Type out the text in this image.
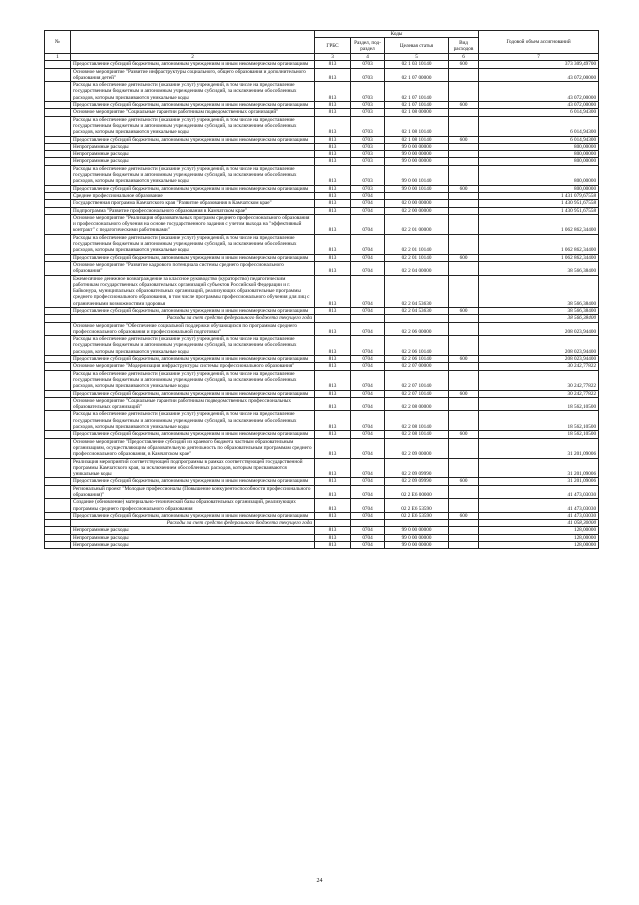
№		Коды				Годовой объем ассигнований
		ГРБС	Раздел, под-раздел	Целевая статья	Вид расходов	
1	2	3	4	5	6	7
	Предоставление субсидий бюджетным, автономным учреждениям и иным некоммерческим организациям	813	0703	02 1 03 10140	600	373 309,49700
	Основное мероприятие "Развитие инфраструктуры социального, общего образования и дополнительного образования детей"	813	0703	02 1 07 00000		43 072,00000
	Расходы на обеспечение деятельности (оказание услуг) учреждений, в том числе на предоставление государственным бюджетным и автономным учреждениям субсидий, за исключением обособленных расходов, которым присваиваются уникальные коды	813	0703	02 1 07 10140		43 072,00000
	Предоставление субсидий бюджетным, автономным учреждениям и иным некоммерческим организациям	813	0703	02 1 07 10140	600	43 072,00000
	Основное мероприятие "Социальные гарантии работникам подведомственных организаций"	813	0703	02 1 08 00000		6 014,94300
	Расходы на обеспечение деятельности (оказание услуг) учреждений, в том числе на предоставление государственным бюджетным и автономным учреждениям субсидий, за исключением обособленных расходов, которым присваиваются уникальные коды	813	0703	02 1 08 10140		6 014,94300
	Предоставление субсидий бюджетным, автономным учреждениям и иным некоммерческим организациям	813	0703	02 1 08 10140	600	6 014,94300
	Непрограммные расходы	813	0703	99 0 00 00000		800,00000
	Непрограммные расходы	813	0703	99 0 00 00000		800,00000
	Непрограммные расходы	813	0703	99 0 00 00000		800,00000
	Расходы на обеспечение деятельности (оказание услуг) учреждений, в том числе на предоставление государственным бюджетным и автономным учреждениям субсидий, за исключением обособленных расходов, которым присваиваются уникальные коды	813	0703	99 0 00 10140		800,00000
	Предоставление субсидий бюджетным, автономным учреждениям и иным некоммерческим организациям	813	0703	99 0 00 10140	600	800,00000
	Среднее профессиональное образование	813	0704			1 431 079,67558
	Государственная программа Камчатского края "Развитие образования в Камчатском крае"	813	0704	02 0 00 00000		1 430 951,67558
	Подпрограмма "Развитие профессионального образования в Камчатском крае"	813	0704	02 2 00 00000		1 430 951,67558
	Основное мероприятие "Реализация образовательных программ среднего профессионального образования и профессионального обучения на основе государственного задания с учетом выхода на "эффективный контракт" с педагогическими работниками"	813	0704	02 2 01 00000		1 062 862,34400
	Расходы на обеспечение деятельности (оказание услуг) учреждений, в том числе на предоставление государственным бюджетным и автономным учреждениям субсидий, за исключением обособленных расходов, которым присваиваются уникальные коды	813	0704	02 2 01 10140		1 062 862,34400
	Предоставление субсидий бюджетным, автономным учреждениям и иным некоммерческим организациям	813	0704	02 2 01 10140	600	1 062 862,34400
	Основное мероприятие "Развитие кадрового потенциала системы среднего профессионального образования"	813	0704	02 2 04 00000		38 566,38400
	Ежемесячное денежное вознаграждение за классное руководство (кураторство) педагогическим работникам государственных образовательных организаций субъектов Российской Федерации и г. Байконура, муниципальных образовательных организаций, реализующих образовательные программы среднего профессионального образования, в том числе программы профессионального обучения для лиц с ограниченными возможностями здоровья	813	0704	02 2 04 53630		38 566,38400
	Предоставление субсидий бюджетным, автономным учреждениям и иным некоммерческим организациям	813	0704	02 2 04 53630	600	38 566,38400
	Расходы за счет средств федерального бюджета текущего года					38 566,38400
	Основное мероприятие "Обеспечение социальной поддержки обучающихся по программам среднего профессионального образования и профессиональной подготовки"	813	0704	02 2 06 00000		208 023,94400
	Расходы на обеспечение деятельности (оказание услуг) учреждений, в том числе на предоставление государственным бюджетным и автономным учреждениям субсидий, за исключением обособленных расходов, которым присваиваются уникальные коды	813	0704	02 2 06 10140		208 023,94400
	Предоставление субсидий бюджетным, автономным учреждениям и иным некоммерческим организациям	813	0704	02 2 06 10140	600	208 023,94400
	Основное мероприятие "Модернизация инфраструктуры системы профессионального образования"	813	0704	02 2 07 00000		30 242,77822
	Расходы на обеспечение деятельности (оказание услуг) учреждений, в том числе на предоставление государственным бюджетным и автономным учреждениям субсидий, за исключением обособленных расходов, которым присваиваются уникальные коды	813	0704	02 2 07 10140		30 242,77822
	Предоставление субсидий бюджетным, автономным учреждениям и иным некоммерческим организациям	813	0704	02 2 07 10140	600	30 242,77822
	Основное мероприятие "Социальные гарантии работникам подведомственных профессиональных образовательных организаций"	813	0704	02 2 08 00000		18 562,10500
	Расходы на обеспечение деятельности (оказание услуг) учреждений, в том числе на предоставление государственным бюджетным и автономным учреждениям субсидий, за исключением обособленных расходов, которым присваиваются уникальные коды	813	0704	02 2 08 10140		18 562,10500
	Предоставление субсидий бюджетным, автономным учреждениям и иным некоммерческим организациям	813	0704	02 2 08 10140	600	18 562,10500
	Основное мероприятие "Предоставление субсидий из краевого бюджета частным образовательным организациям, осуществляющим образовательную деятельность по образовательным программам среднего профессионального образования, в Камчатском крае"	813	0704	02 2 09 00000		31 201,09006
	Реализация мероприятий соответствующей подпрограммы в рамках соответствующей государственной программы Камчатского края, за исключением обособленных расходов, которым присваиваются уникальные коды	813	0704	02 2 09 09990		31 201,09006
	Предоставление субсидий бюджетным, автономным учреждениям и иным некоммерческим организациям	813	0704	02 2 09 09990	600	31 201,09006
	Региональный проект "Молодые профессионалы (Повышение конкурентоспособности профессионального образования)"	813	0704	02 2 E6 00000		41 473,03030
	Создание (обновление) материально-технической базы образовательных организаций, реализующих программы среднего профессионального образования	813	0704	02 2 E6 53590		41 473,03030
	Предоставление субсидий бюджетным, автономным учреждениям и иным некоммерческим организациям	813	0704	02 2 E6 53590	600	41 473,03030
	Расходы за счет средств федерального бюджета текущего года					41 058,30000
	Непрограммные расходы	813	0704	99 0 00 00000		128,00000
	Непрограммные расходы	813	0704	99 0 00 00000		128,00000
	Непрограммные расходы	813	0704	99 0 00 00000		128,00000
24
